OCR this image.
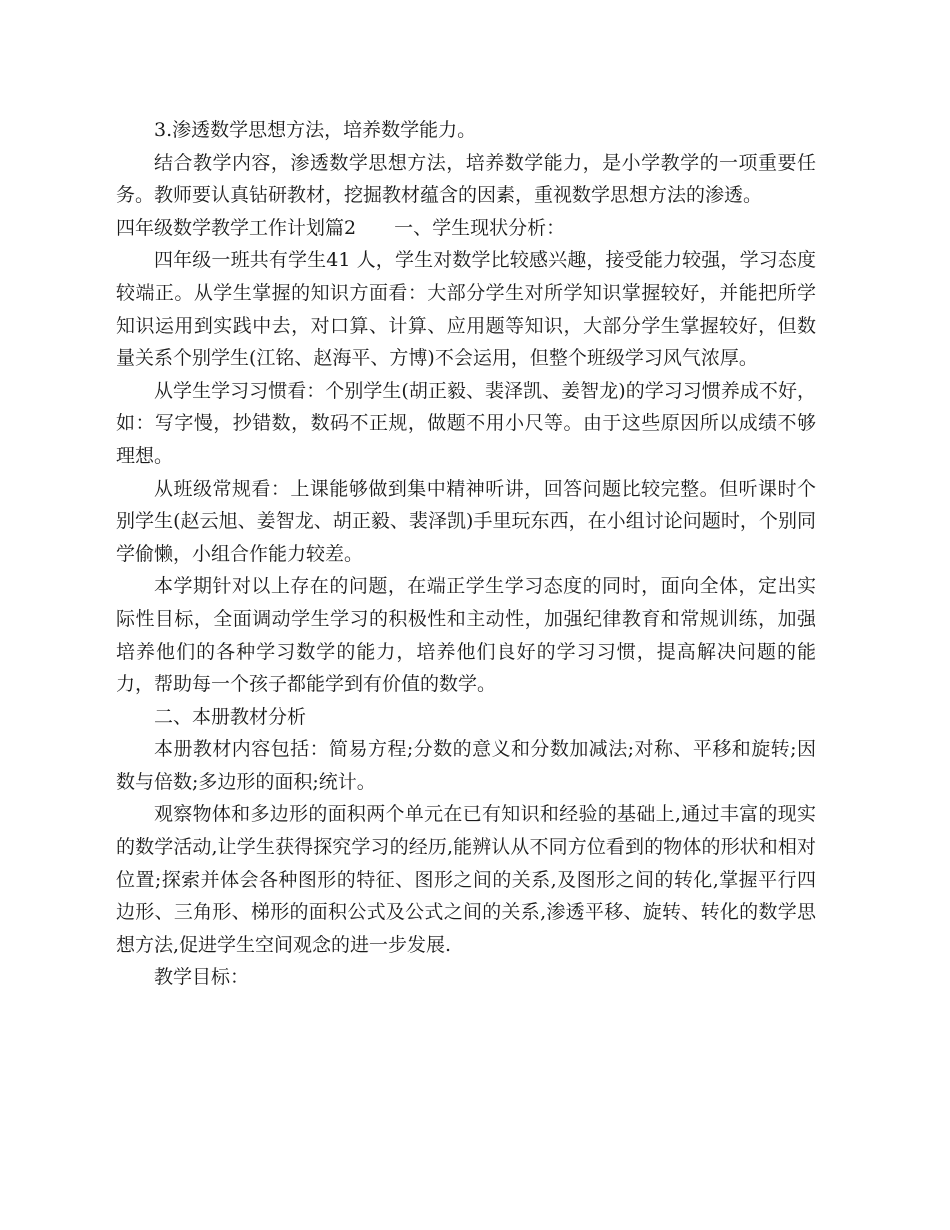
3.渗透数学思想方法，培养数学能力。

结合教学内容，渗透数学思想方法，培养数学能力，是小学教学的一项重要任务。教师要认真钻研教材，挖掘教材蕴含的因素，重视数学思想方法的渗透。

四年级数学教学工作计划篇2 一、学生现状分析：

四年级一班共有学生41 人，学生对数学比较感兴趣，接受能力较强，学习态度较端正。从学生掌握的知识方面看：大部分学生对所学知识掌握较好，并能把所学知识运用到实践中去，对口算、计算、应用题等知识，大部分学生掌握较好，但数量关系个别学生(江铭、赵海平、方博)不会运用，但整个班级学习风气浓厚。

从学生学习习惯看：个别学生(胡正毅、裴泽凯、姜智龙)的学习习惯养成不好，如：写字慢，抄错数，数码不正规，做题不用小尺等。由于这些原因所以成绩不够理想。

从班级常规看：上课能够做到集中精神听讲，回答问题比较完整。但听课时个别学生(赵云旭、姜智龙、胡正毅、裴泽凯)手里玩东西，在小组讨论问题时，个别同学偷懒，小组合作能力较差。

本学期针对以上存在的问题，在端正学生学习态度的同时，面向全体，定出实际性目标，全面调动学生学习的积极性和主动性，加强纪律教育和常规训练，加强培养他们的各种学习数学的能力，培养他们良好的学习习惯，提高解决问题的能力，帮助每一个孩子都能学到有价值的数学。

二、本册教材分析

本册教材内容包括：简易方程;分数的意义和分数加减法;对称、平移和旋转;因数与倍数;多边形的面积;统计。

观察物体和多边形的面积两个单元在已有知识和经验的基础上,通过丰富的现实的数学活动,让学生获得探究学习的经历,能辨认从不同方位看到的物体的形状和相对位置;探索并体会各种图形的特征、图形之间的关系,及图形之间的转化,掌握平行四边形、三角形、梯形的面积公式及公式之间的关系,渗透平移、旋转、转化的数学思想方法,促进学生空间观念的进一步发展.

教学目标：
